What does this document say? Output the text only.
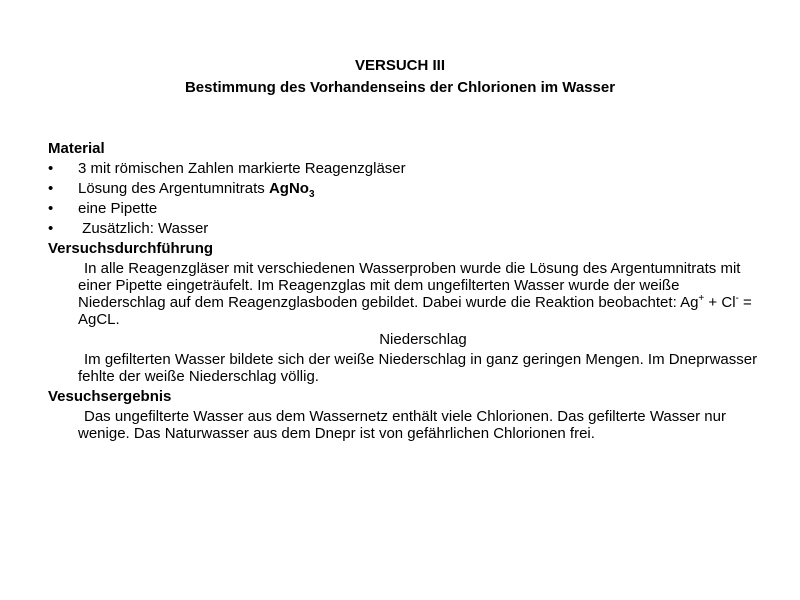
VERSUCH III
Bestimmung des Vorhandenseins der Chlorionen im Wasser
Material
•	3 mit römischen Zahlen markierte Reagenzgläser
•	Lösung des Argentumnitrats AgNo$_3$
•	eine Pipette
•	Zusätzlich: Wasser
Versuchsdurchführung
In alle Reagenzgläser mit verschiedenen Wasserproben wurde die Lösung des Argentumnitrats mit einer Pipette eingeträufelt. Im Reagenzglas mit dem ungefilterten Wasser wurde der weiße Niederschlag auf dem Reagenzglasboden gebildet. Dabei wurde die Reaktion beobachtet: Ag+ + Cl- = AgCL.
Niederschlag
Im gefilterten Wasser bildete sich der weiße Niederschlag in ganz geringen Mengen. Im Dneprwasser fehlte der weiße Niederschlag völlig.
Vesuchsergebnis
Das ungefilterte Wasser aus dem Wassernetz enthält viele Chlorionen. Das gefilterte Wasser nur wenige. Das Naturwasser aus dem Dnepr ist von gefährlichen Chlorionen frei.
